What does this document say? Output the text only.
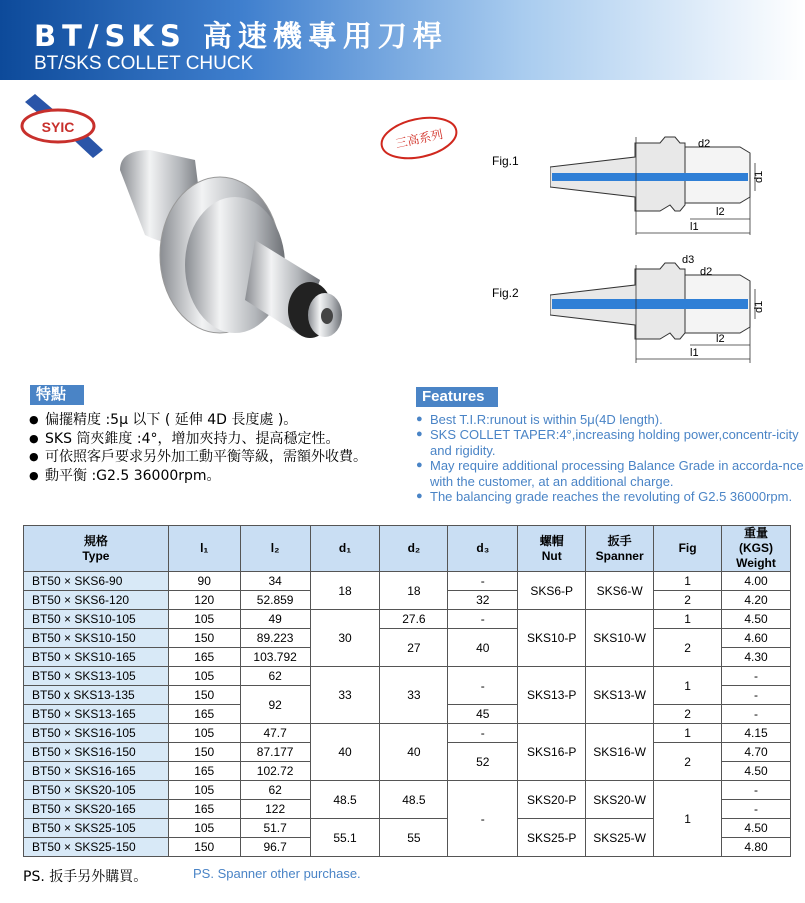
BT/SKS 高速機專用刀桿
BT/SKS COLLET CHUCK
SYIC
三高系列
Fig.1
d2
d1
l2
l1
Fig.2
d3
d2
d1
l2
l1
特點
● 偏擺精度 :5μ 以下 ( 延伸 4D 長度處 )。
● SKS 筒夾錐度 :4°，增加夾持力、提高穩定性。
● 可依照客戶要求另外加工動平衡等級，需額外收費。
● 動平衡 :G2.5 36000rpm。
Features
● Best T.I.R:runout is within 5μ(4D length).
● SKS COLLET TAPER:4°,increasing holding power,concentr-icity and rigidity.
● May require additional processing Balance Grade in accorda-nce with the customer, at an additional charge.
● The balancing grade reaches the revoluting of G2.5 36000rpm.
規格
Type	l₁	l₂	d₁	d₂	d₃	螺帽
Nut	扳手
Spanner	Fig	重量
(KGS)
Weight
BT50 × SKS6-90	90	34	18	18	-	SKS6-P	SKS6-W	1	4.00
BT50 × SKS6-120	120	52.859			32			2	4.20
BT50 × SKS10-105	105	49	30	27.6	-	SKS10-P	SKS10-W	1	4.50
BT50 × SKS10-150	150	89.223		27	40			2	4.60
BT50 × SKS10-165	165	103.792							4.30
BT50 × SKS13-105	105	62	33	33	-	SKS13-P	SKS13-W	1	-
BT50 x SKS13-135	150	92							-
BT50 × SKS13-165	165				45			2	-
BT50 × SKS16-105	105	47.7	40	40	-	SKS16-P	SKS16-W	1	4.15
BT50 × SKS16-150	150	87.177			52			2	4.70
BT50 × SKS16-165	165	102.72							4.50
BT50 × SKS20-105	105	62	48.5	48.5	-	SKS20-P	SKS20-W	1	-
BT50 × SKS20-165	165	122							-
BT50 × SKS25-105	105	51.7	55.1	55		SKS25-P	SKS25-W		4.50
BT50 × SKS25-150	150	96.7							4.80
PS. 扳手另外購買。	PS. Spanner other purchase.
